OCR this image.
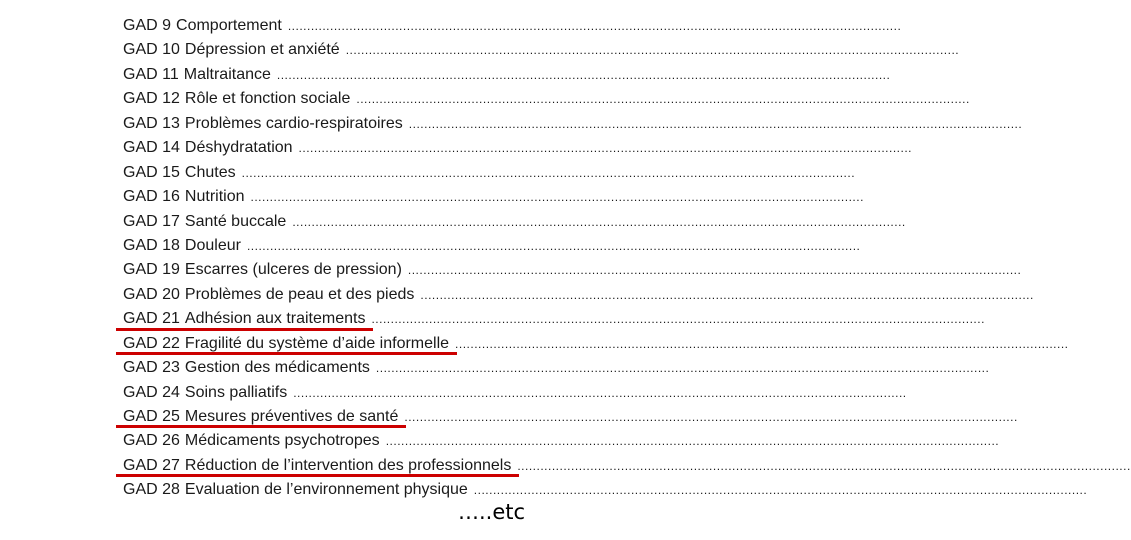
GAD 9 Comportement ................................................................................................................................................................
GAD 10 Dépression et anxiété ................................................................................................................................................................
GAD 11 Maltraitance ................................................................................................................................................................
GAD 12 Rôle et fonction sociale ................................................................................................................................................................
GAD 13 Problèmes cardio-respiratoires ................................................................................................................................................................
GAD 14 Déshydratation ................................................................................................................................................................
GAD 15 Chutes ................................................................................................................................................................
GAD 16 Nutrition ................................................................................................................................................................
GAD 17 Santé buccale ................................................................................................................................................................
GAD 18 Douleur ................................................................................................................................................................
GAD 19 Escarres (ulceres de pression) ................................................................................................................................................................
GAD 20 Problèmes de peau et des pieds ................................................................................................................................................................
GAD 21 Adhésion aux traitements ................................................................................................................................................................
GAD 22 Fragilité du système d’aide informelle ................................................................................................................................................................
GAD 23 Gestion des médicaments ................................................................................................................................................................
GAD 24 Soins palliatifs ................................................................................................................................................................
GAD 25 Mesures préventives de santé ................................................................................................................................................................
GAD 26 Médicaments psychotropes ................................................................................................................................................................
GAD 27 Réduction de l’intervention des professionnels ................................................................................................................................................................
GAD 28 Evaluation de l’environnement physique ................................................................................................................................................................
…..etc
